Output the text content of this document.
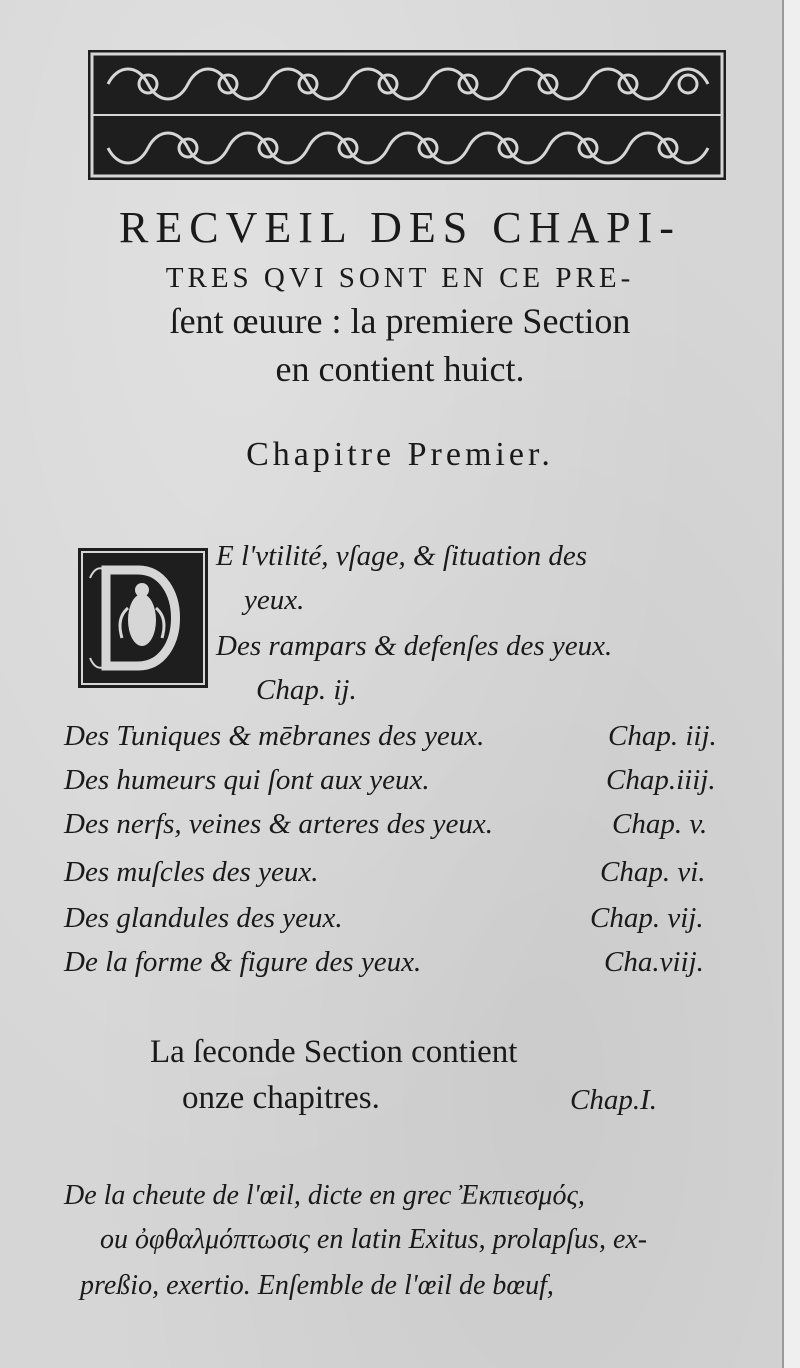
RECVEIL DES CHAPI-
TRES QVI SONT EN CE PRE-
ſent œuure : la premiere Section
en contient huict.
Chapitre Premier.
E l'vtilité, vſage, & ſituation des
yeux.
Des rampars & defenſes des yeux.
Chap. ij.
Des Tuniques & mēbranes des yeux.	Chap. iij.
Des humeurs qui ſont aux yeux.	Chap.iiij.
Des nerfs, veines & arteres des yeux.	Chap. v.
Des muſcles des yeux.	Chap. vi.
Des glandules des yeux.	Chap. vij.
De la forme & figure des yeux.	Cha.viij.
La ſeconde Section contient
onze chapitres.	Chap.I.
De la cheute de l'œil, dicte en grec Ἐκπιεσμός,
ou ὀφθαλμόπτωσις en latin Exitus, prolapſus, ex-
preßio, exertio. Enſemble de l'œil de bœuf,
